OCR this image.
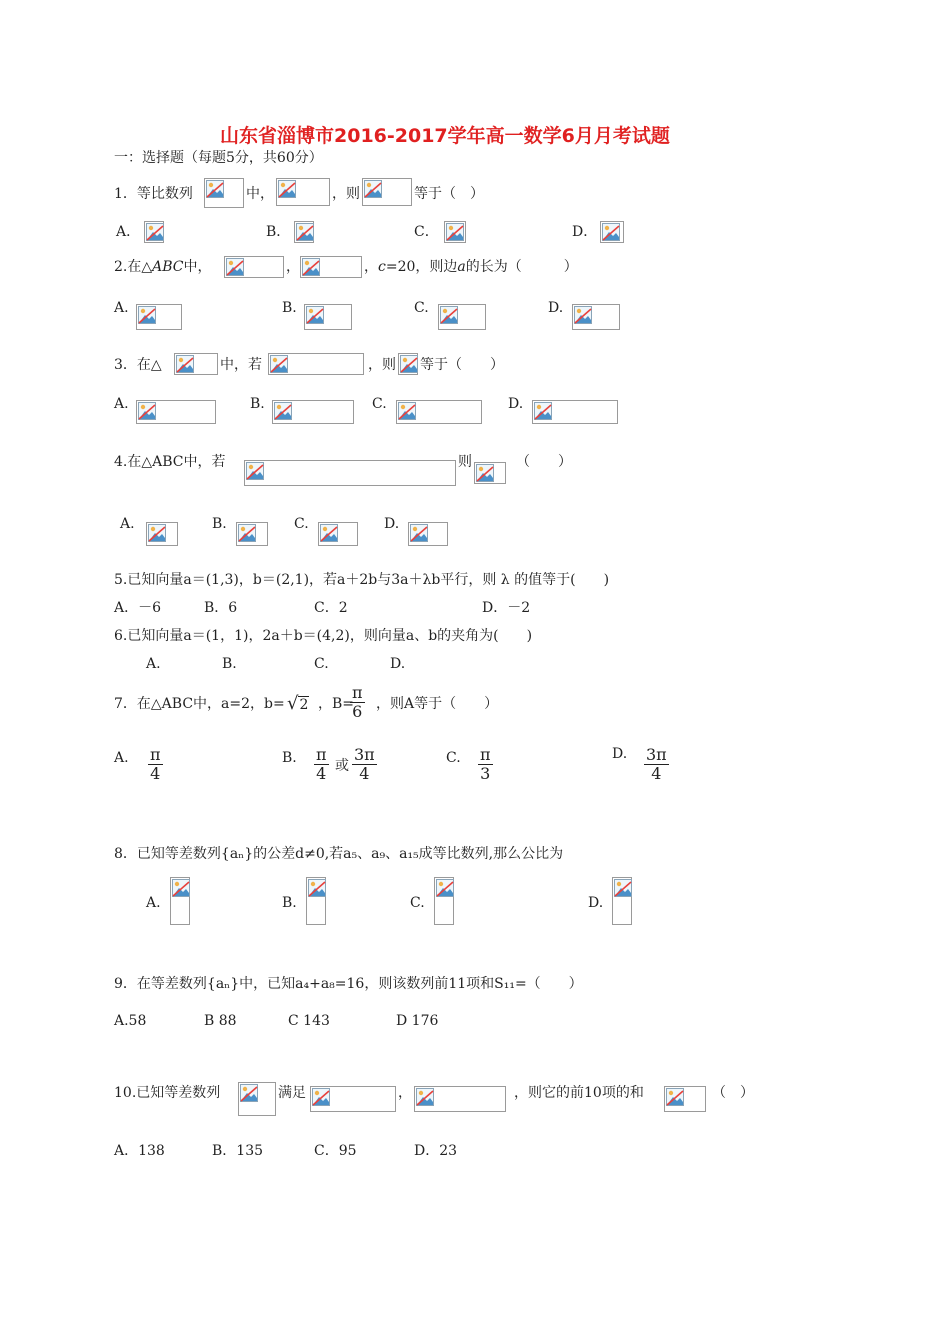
山东省淄博市2016-2017学年高一数学6月月考试题
一：选择题（每题5分，共60分）
1．等比数列	中，	，则	等于（　）
A．	B．	C．	D．
2.在△ABC中，	，	，c=20，则边a的长为（　　　）
A.	B.	C.	D.
3．在△	中，若	，则 等于（　　）
A.	B.	C.	D.
4.在△ABC中，若	则	（　　）
A.	B.	C.	D.
5.已知向量a＝(1,3)，b＝(2,1)，若a＋2b与3a＋λb平行，则 λ 的值等于(　　)
A．－6	B．6	C．2	D．－2
6.已知向量a＝(1，1)，2a＋b＝(4,2)，则向量a、b的夹角为(　　)
A.	B.	C.	D.
7．在△ABC中，a=2，b= √2 ，B=
$\frac{\pi}{6}$ ，则A等于（　　）
A. $\frac{\pi}{4}$	B. $\frac{\pi}{4}$ 或 $\frac{3\pi}{4}$	C. $\frac{\pi}{3}$	D. $\frac{3\pi}{4}$
8．已知等差数列{aₙ}的公差d≠0,若a₅、a₉、a₁₅成等比数列,那么公比为
A.	B.	C.	D.
9．在等差数列{aₙ}中，已知a₄+a₈=16，则该数列前11项和S₁₁=（　　）
A.58	B 88	C 143	D 176
10.已知等差数列	满足	，	，则它的前10项的和	（　）
A．138	B．135	C．95	D．23
